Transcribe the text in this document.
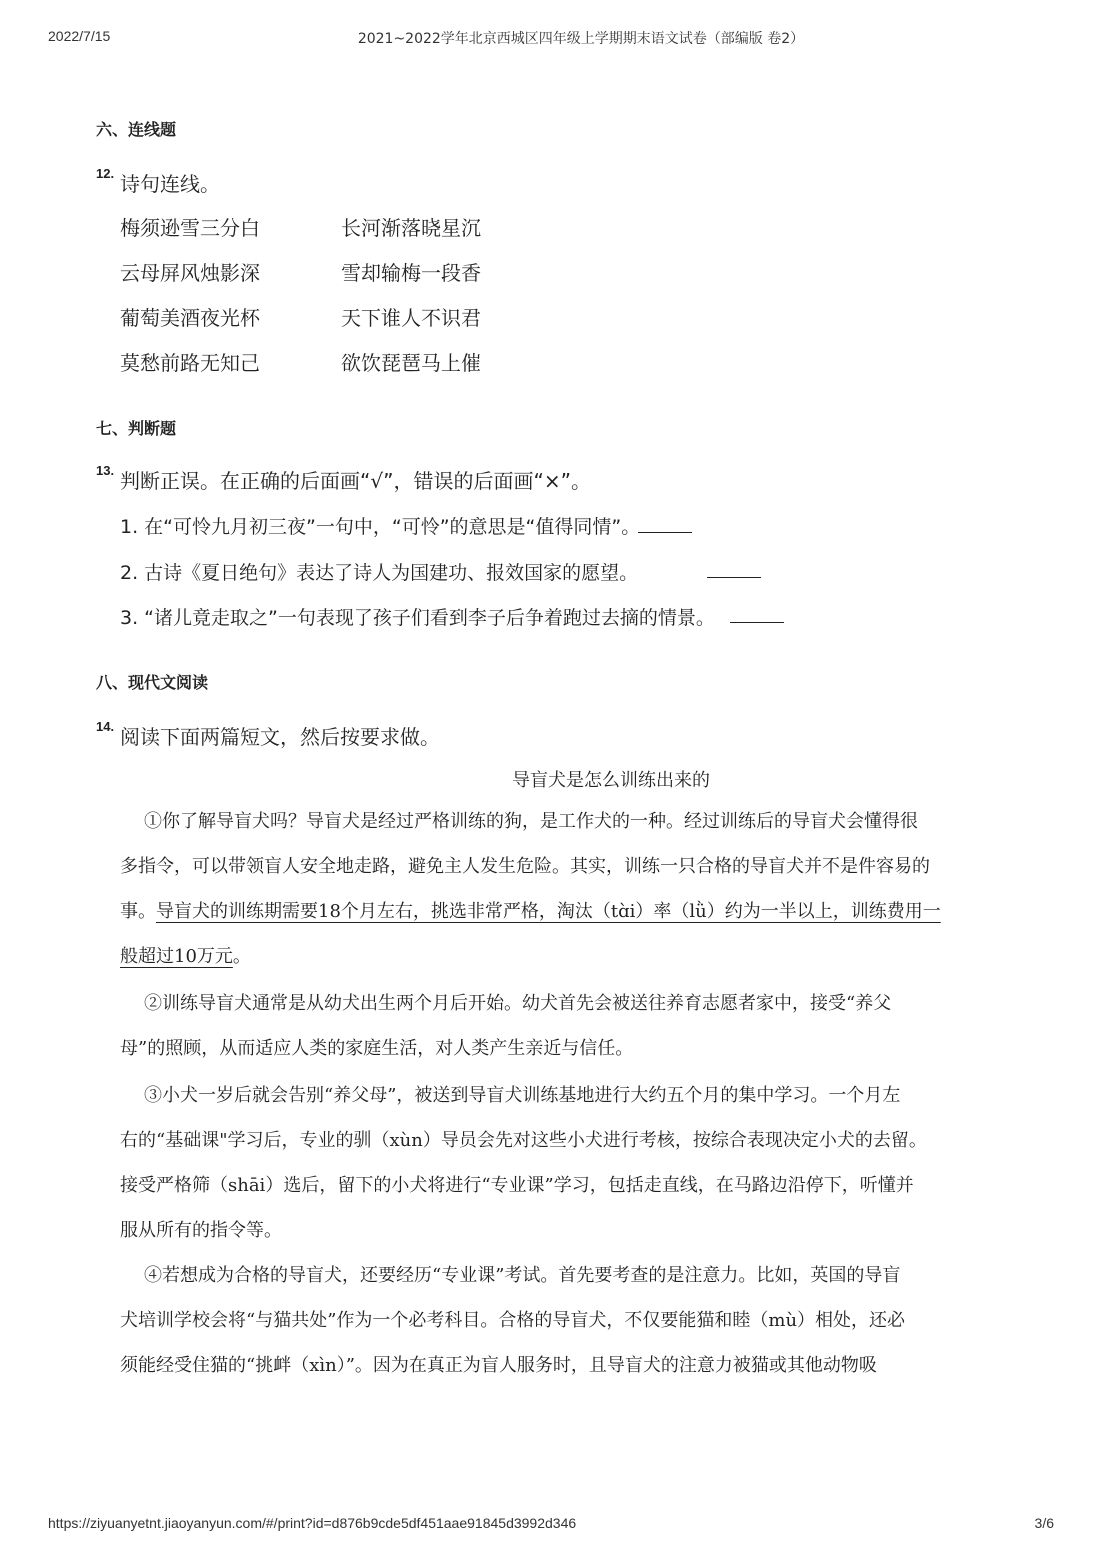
2022/7/15	2021~2022学年北京西城区四年级上学期期末语文试卷（部编版 卷2）
六、连线题
12. 诗句连线。
梅须逊雪三分白
云母屏风烛影深
葡萄美酒夜光杯
莫愁前路无知己
长河渐落晓星沉
雪却输梅一段香
天下谁人不识君
欲饮琵琶马上催
七、判断题
13. 判断正误。在正确的后面画“√”，错误的后面画“×”。
1. 在“可怜九月初三夜”一句中，“可怜”的意思是“值得同情”。
2. 古诗《夏日绝句》表达了诗人为国建功、报效国家的愿望。
3. “诸儿竟走取之”一句表现了孩子们看到李子后争着跑过去摘的情景。
八、现代文阅读
14. 阅读下面两篇短文，然后按要求做。
导盲犬是怎么训练出来的
①你了解导盲犬吗？导盲犬是经过严格训练的狗，是工作犬的一种。经过训练后的导盲犬会懂得很
多指令，可以带领盲人安全地走路，避免主人发生危险。其实，训练一只合格的导盲犬并不是件容易的
事。导盲犬的训练期需要18个月左右，挑选非常严格，淘汰（tɑ̀i）率（lǜ）约为一半以上，训练费用一
般超过10万元。
②训练导盲犬通常是从幼犬出生两个月后开始。幼犬首先会被送往养育志愿者家中，接受“养父
母”的照顾，从而适应人类的家庭生活，对人类产生亲近与信任。
③小犬一岁后就会告别“养父母”，被送到导盲犬训练基地进行大约五个月的集中学习。一个月左
右的“基础课"学习后，专业的驯（xùn）导员会先对这些小犬进行考核，按综合表现决定小犬的去留。
接受严格筛（shāi）选后，留下的小犬将进行“专业课”学习，包括走直线，在马路边沿停下，听懂并
服从所有的指令等。
④若想成为合格的导盲犬，还要经历“专业课”考试。首先要考查的是注意力。比如，英国的导盲
犬培训学校会将“与猫共处”作为一个必考科目。合格的导盲犬，不仅要能猫和睦（mù）相处，还必
须能经受住猫的“挑衅（xìn）”。因为在真正为盲人服务时，且导盲犬的注意力被猫或其他动物吸
https://ziyuanyetnt.jiaoyanyun.com/#/print?id=d876b9cde5df451aae91845d3992d346	3/6
